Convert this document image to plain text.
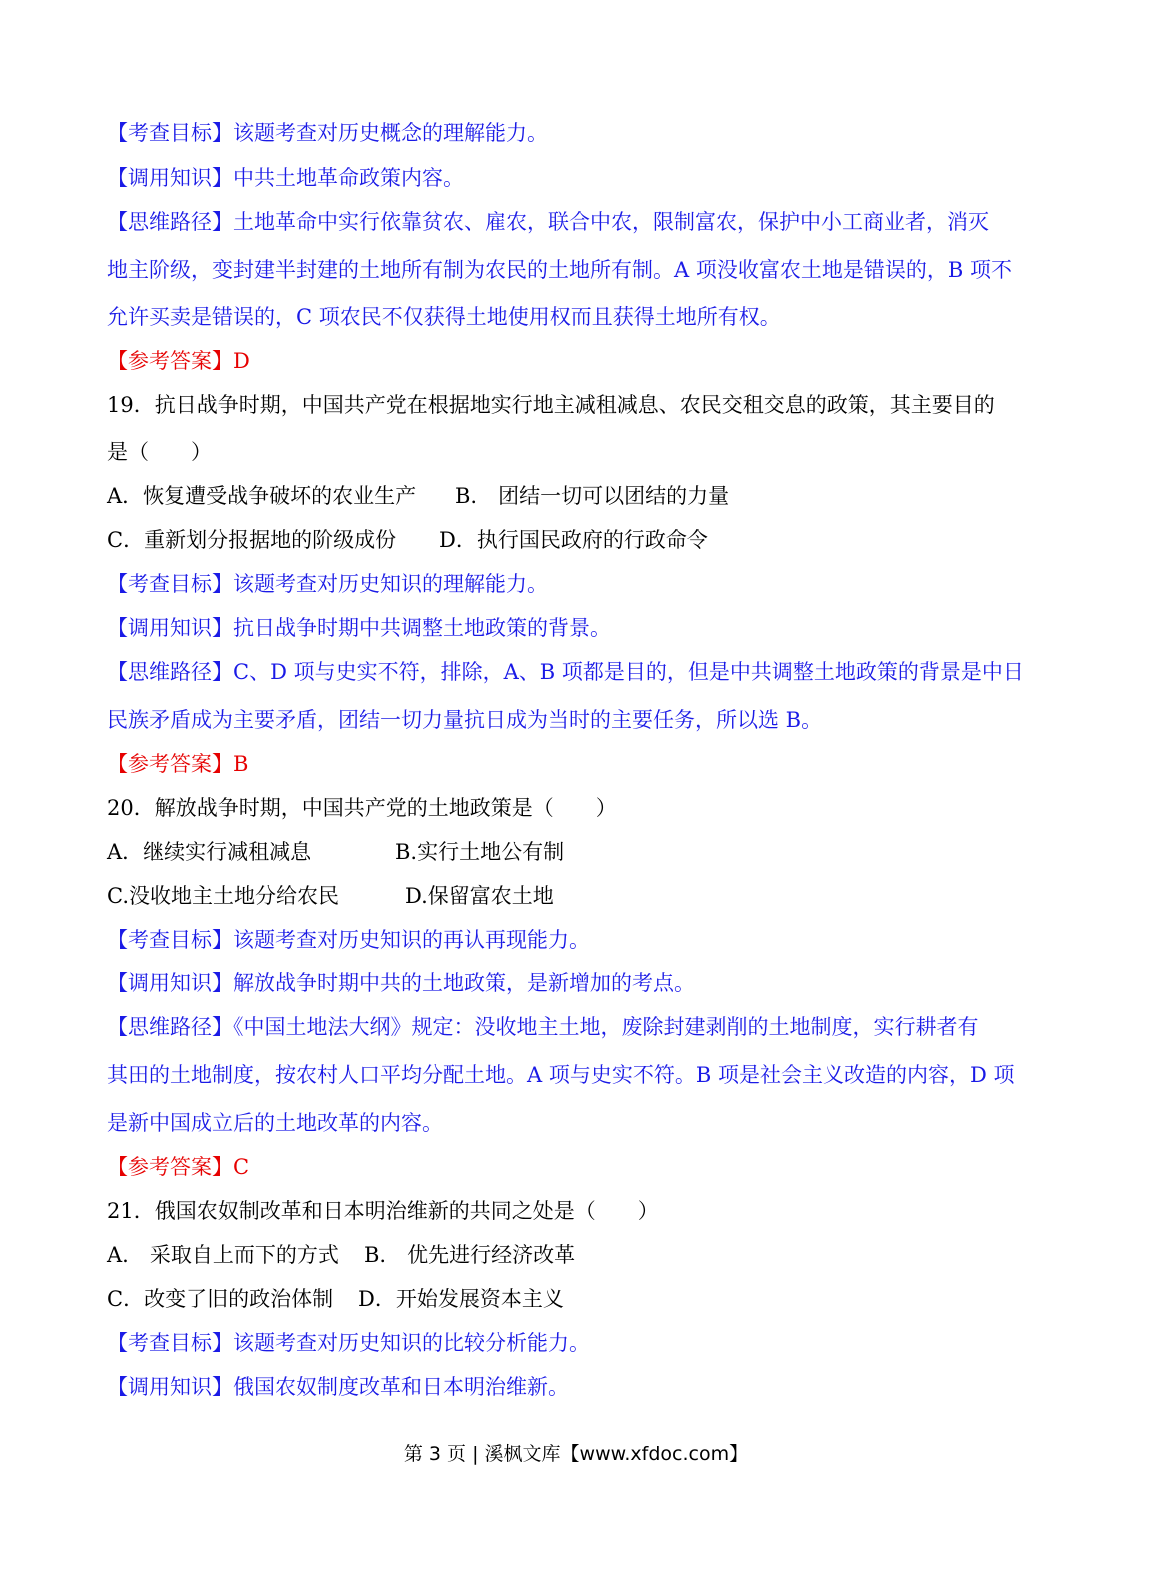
【考查目标】该题考查对历史概念的理解能力。
【调用知识】中共土地革命政策内容。
【思维路径】土地革命中实行依靠贫农、雇农，联合中农，限制富农，保护中小工商业者，消灭
地主阶级，变封建半封建的土地所有制为农民的土地所有制。A 项没收富农土地是错误的，B 项不
允许买卖是错误的，C 项农民不仅获得土地使用权而且获得土地所有权。
【参考答案】D
19．抗日战争时期，中国共产党在根据地实行地主减租减息、农民交租交息的政策，其主要目的
是（　　）
A．恢复遭受战争破坏的农业生产 B.　团结一切可以团结的力量
C．重新划分报据地的阶级成份 D．执行国民政府的行政命令
【考查目标】该题考查对历史知识的理解能力。
【调用知识】抗日战争时期中共调整土地政策的背景。
【思维路径】C、D 项与史实不符，排除，A、B 项都是目的，但是中共调整土地政策的背景是中日
民族矛盾成为主要矛盾，团结一切力量抗日成为当时的主要任务，所以选 B。
【参考答案】B
20．解放战争时期，中国共产党的土地政策是（　　）
A．继续实行减租减息	B.实行土地公有制
C.没收地主土地分给农民	D.保留富农土地
【考查目标】该题考查对历史知识的再认再现能力。
【调用知识】解放战争时期中共的土地政策，是新增加的考点。
【思维路径】《中国土地法大纲》规定：没收地主土地，废除封建剥削的土地制度，实行耕者有
其田的土地制度，按农村人口平均分配土地。A 项与史实不符。B 项是社会主义改造的内容，D 项
是新中国成立后的土地改革的内容。
【参考答案】C
21．俄国农奴制改革和日本明治维新的共同之处是（　　）
A.　采取自上而下的方式 B.　优先进行经济改革
C．改变了旧的政治体制 D．开始发展资本主义
【考查目标】该题考查对历史知识的比较分析能力。
【调用知识】俄国农奴制度改革和日本明治维新。
第 3 页 | 溪枫文库【www.xfdoc.com】
